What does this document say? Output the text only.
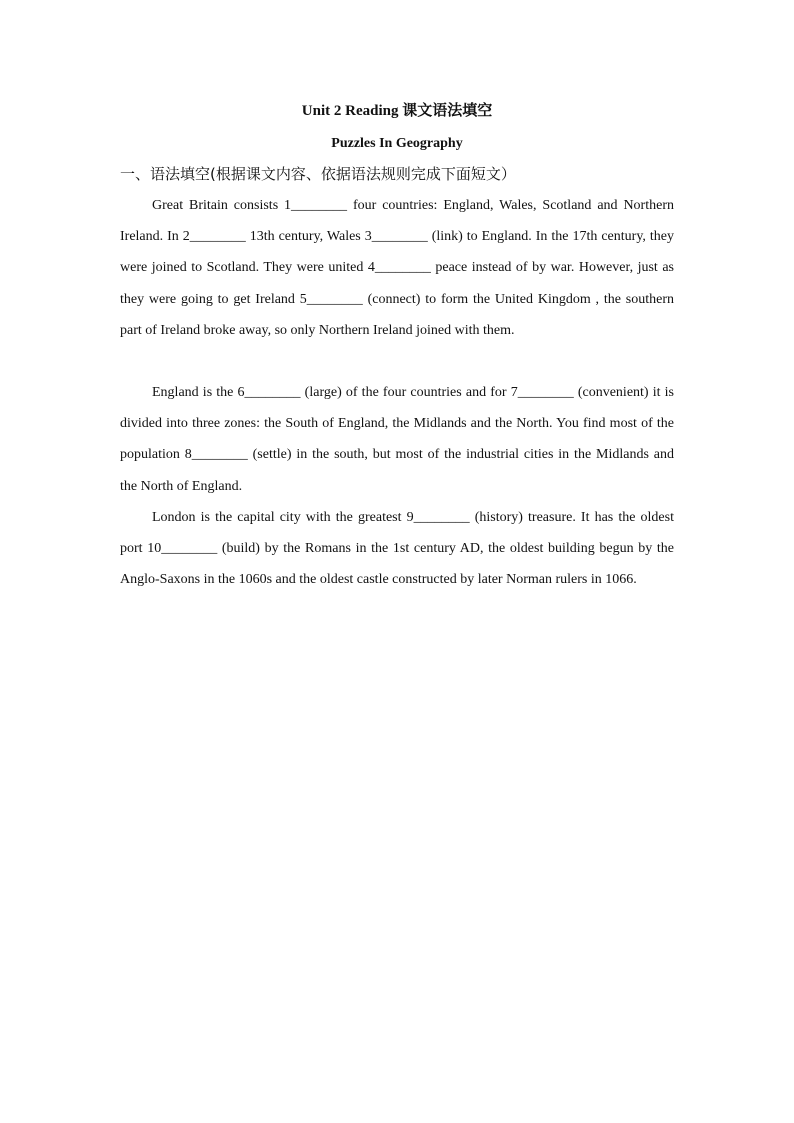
Unit 2 Reading 课文语法填空
Puzzles In Geography
一、语法填空(根据课文内容、依据语法规则完成下面短文）

Great Britain consists 1________ four countries: England, Wales, Scotland and Northern Ireland. In 2________ 13th century, Wales 3________ (link) to England. In the 17th century, they were joined to Scotland. They were united 4________ peace instead of by war. However, just as they were going to get Ireland 5________ (connect) to form the United Kingdom , the southern part of Ireland broke away, so only Northern Ireland joined with them.

England is the 6________ (large) of the four countries and for 7________ (convenient) it is divided into three zones: the South of England, the Midlands and the North. You find most of the population 8________ (settle) in the south, but most of the industrial cities in the Midlands and the North of England.

London is the capital city with the greatest 9________ (history) treasure. It has the oldest port 10________ (build) by the Romans in the 1st century AD, the oldest building begun by the Anglo-Saxons in the 1060s and the oldest castle constructed by later Norman rulers in 1066.
